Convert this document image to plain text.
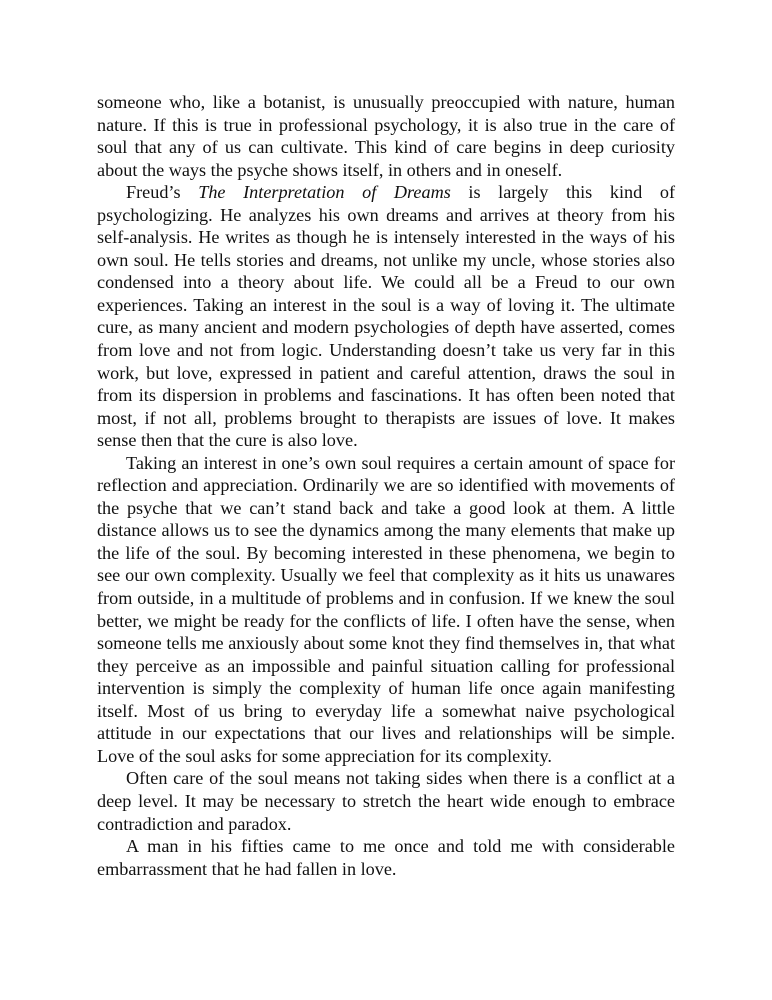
someone who, like a botanist, is unusually preoccupied with nature, human nature. If this is true in professional psychology, it is also true in the care of soul that any of us can cultivate. This kind of care begins in deep curiosity about the ways the psyche shows itself, in others and in oneself.

Freud’s The Interpretation of Dreams is largely this kind of psychologizing. He analyzes his own dreams and arrives at theory from his self-analysis. He writes as though he is intensely interested in the ways of his own soul. He tells stories and dreams, not unlike my uncle, whose stories also condensed into a theory about life. We could all be a Freud to our own experiences. Taking an interest in the soul is a way of loving it. The ultimate cure, as many ancient and modern psychologies of depth have asserted, comes from love and not from logic. Understanding doesn’t take us very far in this work, but love, expressed in patient and careful attention, draws the soul in from its dispersion in problems and fascinations. It has often been noted that most, if not all, problems brought to therapists are issues of love. It makes sense then that the cure is also love.

Taking an interest in one’s own soul requires a certain amount of space for reflection and appreciation. Ordinarily we are so identified with movements of the psyche that we can’t stand back and take a good look at them. A little distance allows us to see the dynamics among the many elements that make up the life of the soul. By becoming interested in these phenomena, we begin to see our own complexity. Usually we feel that complexity as it hits us unawares from outside, in a multitude of problems and in confusion. If we knew the soul better, we might be ready for the conflicts of life. I often have the sense, when someone tells me anxiously about some knot they find themselves in, that what they perceive as an impossible and painful situation calling for professional intervention is simply the complexity of human life once again manifesting itself. Most of us bring to everyday life a somewhat naive psychological attitude in our expectations that our lives and relationships will be simple. Love of the soul asks for some appreciation for its complexity.

Often care of the soul means not taking sides when there is a conflict at a deep level. It may be necessary to stretch the heart wide enough to embrace contradiction and paradox.

A man in his fifties came to me once and told me with considerable embarrassment that he had fallen in love.
